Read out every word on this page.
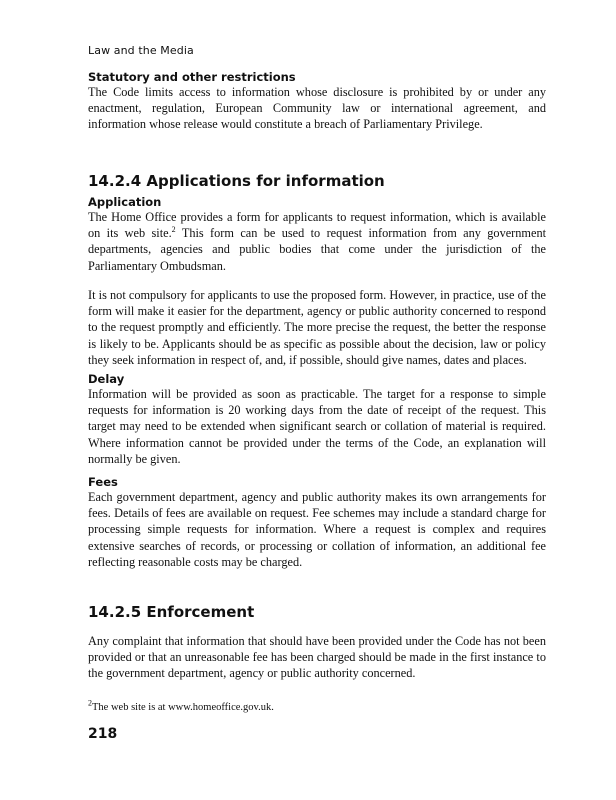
Law and the Media
Statutory and other restrictions

The Code limits access to information whose disclosure is prohibited by or under any enactment, regulation, European Community law or international agreement, and information whose release would constitute a breach of Parliamentary Privilege.

14.2.4 Applications for information
Application

The Home Office provides a form for applicants to request information, which is available on its web site.$^2$ This form can be used to request information from any government departments, agencies and public bodies that come under the jurisdiction of the Parliamentary Ombudsman.

It is not compulsory for applicants to use the proposed form. However, in practice, use of the form will make it easier for the department, agency or public authority concerned to respond to the request promptly and efficiently. The more precise the request, the better the response is likely to be. Applicants should be as specific as possible about the decision, law or policy they seek information in respect of, and, if possible, should give names, dates and places.

Delay

Information will be provided as soon as practicable. The target for a response to simple requests for information is 20 working days from the date of receipt of the request. This target may need to be extended when significant search or collation of material is required. Where information cannot be provided under the terms of the Code, an explanation will normally be given.

Fees

Each government department, agency and public authority makes its own arrangements for fees. Details of fees are available on request. Fee schemes may include a standard charge for processing simple requests for information. Where a request is complex and requires extensive searches of records, or processing or collation of information, an additional fee reflecting reasonable costs may be charged.

14.2.5 Enforcement

Any complaint that information that should have been provided under the Code has not been provided or that an unreasonable fee has been charged should be made in the first instance to the government department, agency or public authority concerned.

$^2$The web site is at www.homeoffice.gov.uk.
218
